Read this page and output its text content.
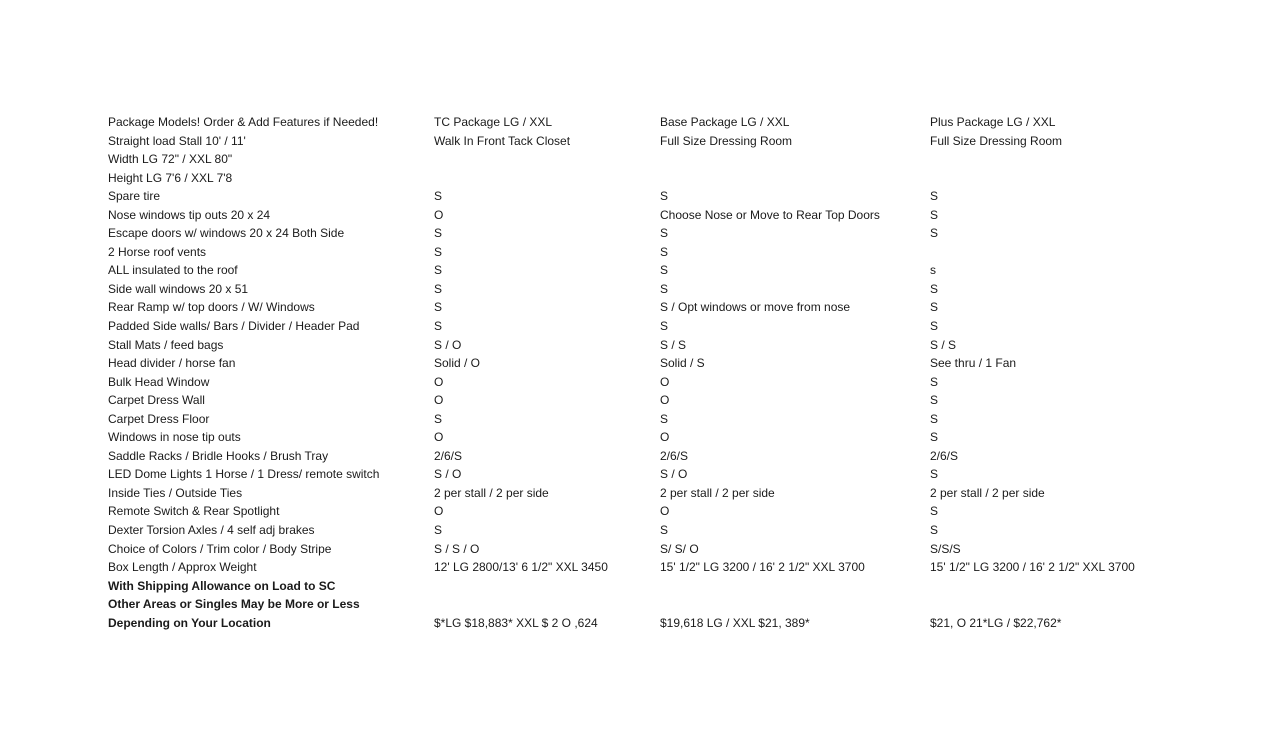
Package Models! Order & Add Features if Needed!	TC Package LG / XXL	Base Package LG / XXL	Plus Package LG / XXL
Straight load Stall 10' / 11'	Walk In Front Tack Closet	Full Size Dressing Room	Full Size Dressing Room
Width LG 72" / XXL 80"
Height LG 7'6 / XXL 7'8
Spare tire	S	S	S
Nose windows tip outs 20 x 24	O	Choose Nose or Move to Rear Top Doors	S
Escape doors w/ windows 20 x 24 Both Side	S	S	S
2 Horse roof vents	S	S
ALL insulated to the roof	S	S	s
Side wall windows 20 x 51	S	S	S
Rear Ramp w/ top doors / W/ Windows	S	S / Opt windows or move from nose	S
Padded Side walls/ Bars / Divider / Header Pad	S	S	S
Stall Mats / feed bags	S / O	S / S	S / S
Head divider / horse fan	Solid / O	Solid / S	See thru / 1 Fan
Bulk Head Window	O	O	S
Carpet Dress Wall	O	O	S
Carpet Dress Floor	S	S	S
Windows in nose tip outs	O	O	S
Saddle Racks / Bridle Hooks / Brush Tray	2/6/S	2/6/S	2/6/S
LED Dome Lights 1 Horse / 1 Dress/ remote switch	S / O	S / O	S
Inside Ties / Outside Ties	2 per stall / 2 per side	2 per stall / 2 per side	2 per stall / 2 per side
Remote Switch & Rear Spotlight	O	O	S
Dexter Torsion Axles / 4 self adj brakes	S	S	S
Choice of Colors / Trim color / Body Stripe	S / S / O	S/ S/ O	S/S/S
Box Length / Approx Weight	12' LG 2800/13' 6 1/2" XXL 3450	15' 1/2" LG 3200 / 16' 2 1/2" XXL 3700	15' 1/2" LG 3200 / 16' 2 1/2" XXL 3700
With Shipping Allowance on Load to SC
Other Areas or Singles May be More or Less
Depending on Your Location	$*LG $18,883* XXL $ 2 O ,624	$19,618 LG / XXL $21, 389*	$21, O 21*LG / $22,762*
